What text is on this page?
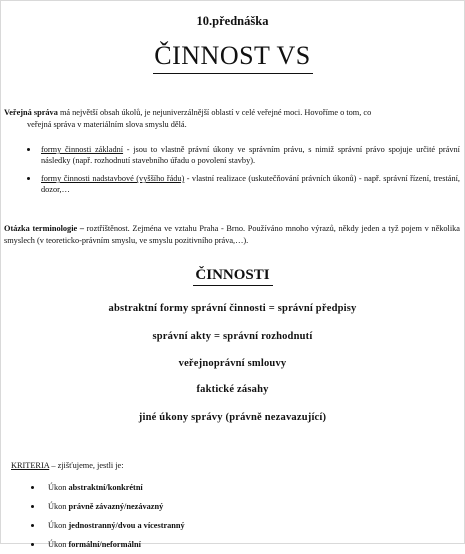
10.přednáška
ČINNOST VS
Veřejná správa má největší obsah úkolů, je nejuniverzálnější oblastí v celé veřejné moci. Hovoříme o tom, co
veřejná správa v materiálním slova smyslu dělá.
formy činnosti základní - jsou to vlastně právní úkony ve správním právu, s nimiž správní právo spojuje určité právní následky (např. rozhodnutí stavebního úřadu o povolení stavby).
formy činnosti nadstavbové (vyššího řádu) - vlastní realizace (uskutečňování právních úkonů) - např. správní řízení, trestání, dozor,…
Otázka terminologie – roztříštěnost. Zejména ve vztahu Praha - Brno. Používáno mnoho výrazů, někdy jeden a tyž pojem v několika smyslech (v teoreticko-právním smyslu, ve smyslu pozitivního práva,…).
ČINNOSTI
abstraktní formy správní činnosti = správní předpisy
správní akty = správní rozhodnutí
veřejnoprávní smlouvy
faktické zásahy
jiné úkony správy (právně nezavazující)
KRITERIA – zjišťujeme, jestli je:
Úkon abstraktní/konkrétní
Úkon právně závazný/nezávazný
Úkon jednostranný/dvou a vícestranný
Úkon formální/neformální
